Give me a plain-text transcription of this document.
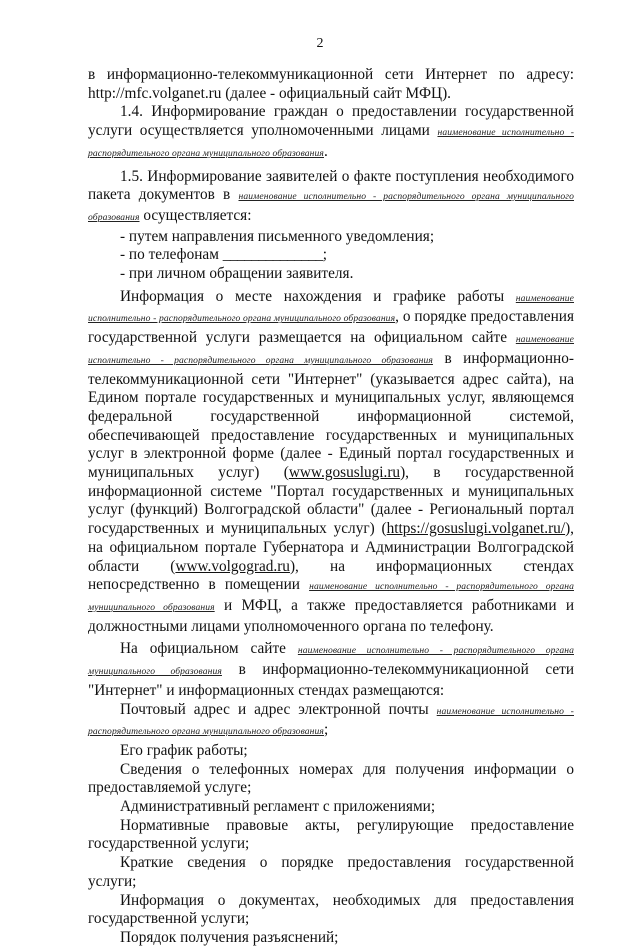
2

в информационно-телекоммуникационной сети Интернет по адресу:

http://mfc.volganet.ru (далее - официальный сайт МФЦ).

1.4. Информирование граждан о предоставлении государственной услуги осуществляется уполномоченными лицами наименование исполнительно - распорядительного органа муниципального образования.

1.5. Информирование заявителей о факте поступления необходимого пакета документов в наименование исполнительно - распорядительного органа муниципального образования осуществляется:

- путем направления письменного уведомления;

- по телефонам ______________;

- при личном обращении заявителя.

Информация о месте нахождения и графике работы наименование исполнительно - распорядительного органа муниципального образования, о порядке предоставления государственной услуги размещается на официальном сайте наименование исполнительно - распорядительного органа муниципального образования в информационно-телекоммуникационной сети "Интернет" (указывается адрес сайта), на Едином портале государственных и муниципальных услуг, являющемся федеральной государственной информационной системой, обеспечивающей предоставление государственных и муниципальных услуг в электронной форме (далее - Единый портал государственных и муниципальных услуг) (www.gosuslugi.ru), в государственной информационной системе "Портал государственных и муниципальных услуг (функций) Волгоградской области" (далее - Региональный портал государственных и муниципальных услуг) (https://gosuslugi.volganet.ru/), на официальном портале Губернатора и Администрации Волгоградской области (www.volgograd.ru), на информационных стендах непосредственно в помещении наименование исполнительно - распорядительного органа муниципального образования и МФЦ, а также предоставляется работниками и должностными лицами уполномоченного органа по телефону.

На официальном сайте наименование исполнительно - распорядительного органа муниципального образования в информационно-телекоммуникационной сети "Интернет" и информационных стендах размещаются:

Почтовый адрес и адрес электронной почты наименование исполнительно - распорядительного органа муниципального образования;

Его график работы;

Сведения о телефонных номерах для получения информации о предоставляемой услуге;

Административный регламент с приложениями;

Нормативные правовые акты, регулирующие предоставление государственной услуги;

Краткие сведения о порядке предоставления государственной услуги;

Информация о документах, необходимых для предоставления государственной услуги;

Порядок получения разъяснений;
